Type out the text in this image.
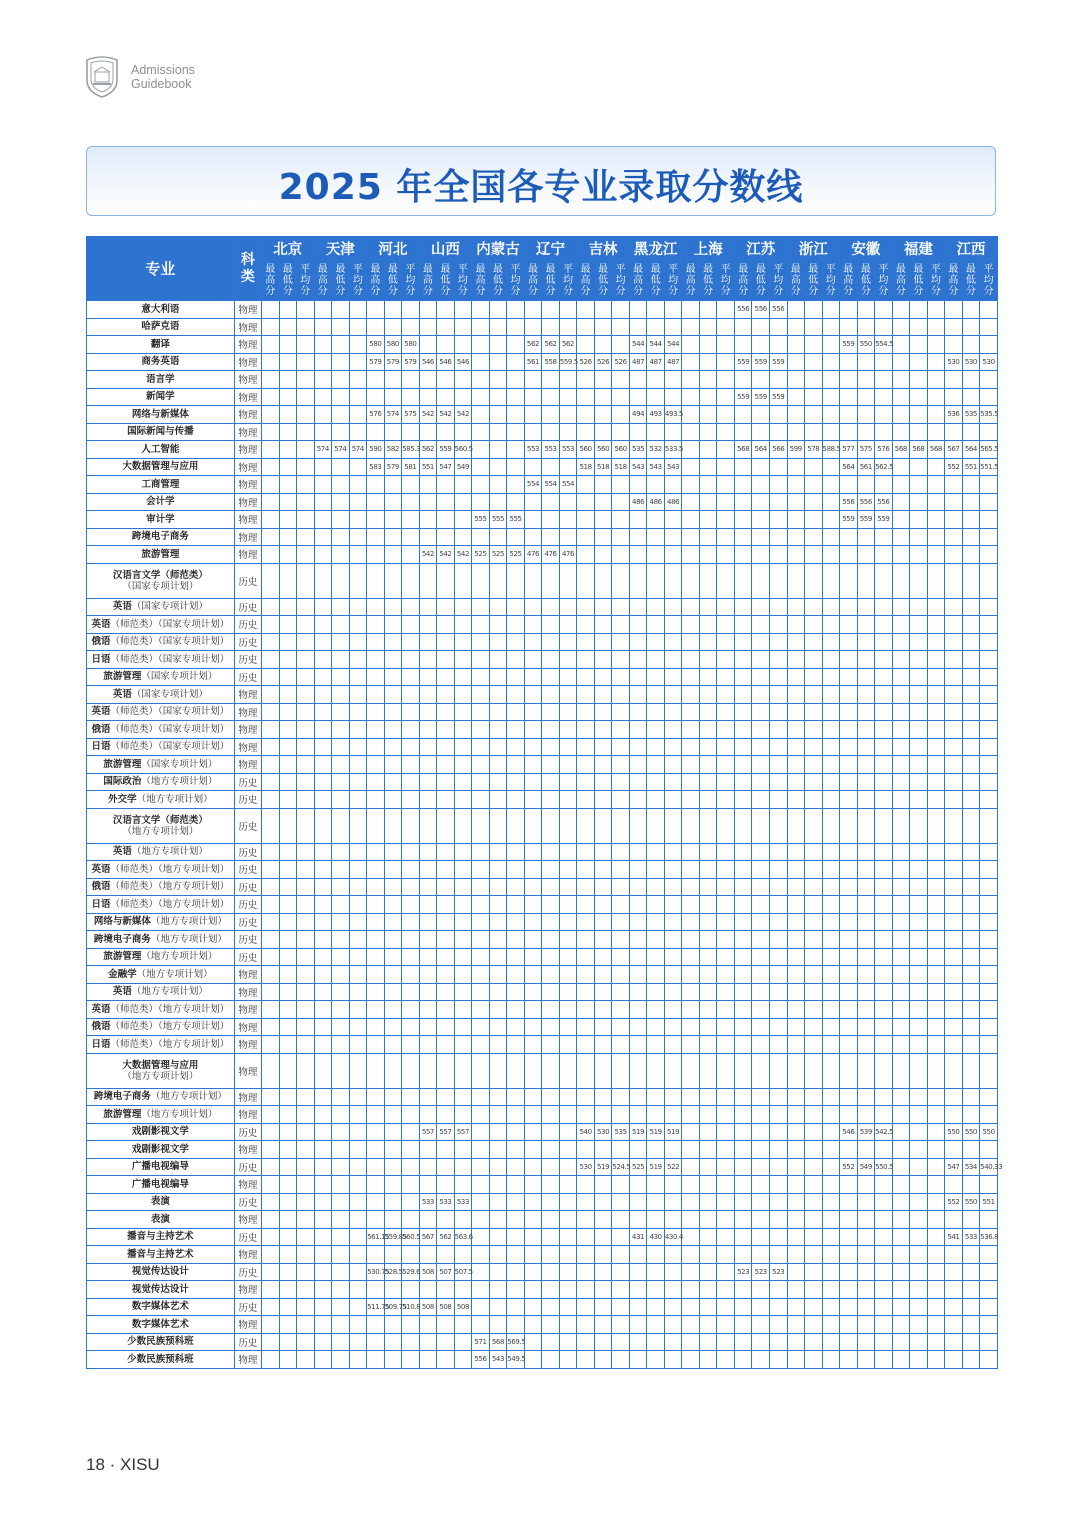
Admissions
Guidebook
2025 年全国各专业录取分数线
专业	科类	北京			天津			河北			山西			内蒙古			辽宁			吉林			黑龙江			上海			江苏			浙江			安徽			福建			江西		
		最高分	最低分	平均分	最高分	最低分	平均分	最高分	最低分	平均分	最高分	最低分	平均分	最高分	最低分	平均分	最高分	最低分	平均分	最高分	最低分	平均分	最高分	最低分	平均分	最高分	最低分	平均分	最高分	最低分	平均分	最高分	最低分	平均分	最高分	最低分	平均分	最高分	最低分	平均分	最高分	最低分	平均分
意大利语	物理																												556	556	556												
哈萨克语	物理																																										
翻译	物理							580	580	580							562	562	562				544	544	544										559	550	554.5						
商务英语	物理							579	579	579	546	546	546				561	558	559.5	526	526	526	487	487	487				559	559	559										530	530	530
语言学	物理																																										
新闻学	物理																												559	559	559												
网络与新媒体	物理							576	574	575	542	542	542										494	493	493.5																536	535	535.5
国际新闻与传播	物理																																										
人工智能	物理				574	574	574	590	582	585.3	562	559	560.5				553	553	553	560	560	560	535	532	533.5				568	564	566	599	578	588.5	577	575	576	568	568	568	567	564	565.5
大数据管理与应用	物理							583	579	581	551	547	549							518	518	518	543	543	543										564	561	562.5				552	551	551.5
工商管理	物理																554	554	554																								
会计学	物理																						486	486	486										556	556	556						
审计学	物理													555	555	555																			559	559	559						
跨境电子商务	物理																																										
旅游管理	物理										542	542	542	525	525	525	476	476	476																								
汉语言文学（师范类）
（国家专项计划）	历史																																										
英语（国家专项计划）	历史																																										
英语（师范类）（国家专项计划）	历史																																										
俄语（师范类）（国家专项计划）	历史																																										
日语（师范类）（国家专项计划）	历史																																										
旅游管理（国家专项计划）	历史																																										
英语（国家专项计划）	物理																																										
英语（师范类）（国家专项计划）	物理																																										
俄语（师范类）（国家专项计划）	物理																																										
日语（师范类）（国家专项计划）	物理																																										
旅游管理（国家专项计划）	物理																																										
国际政治（地方专项计划）	历史																																										
外交学（地方专项计划）	历史																																										
汉语言文学（师范类）
（地方专项计划）	历史																																										
英语（地方专项计划）	历史																																										
英语（师范类）（地方专项计划）	历史																																										
俄语（师范类）（地方专项计划）	历史																																										
日语（师范类）（地方专项计划）	历史																																										
网络与新媒体（地方专项计划）	历史																																										
跨境电子商务（地方专项计划）	历史																																										
旅游管理（地方专项计划）	历史																																										
金融学（地方专项计划）	物理																																										
英语（地方专项计划）	物理																																										
英语（师范类）（地方专项计划）	物理																																										
俄语（师范类）（地方专项计划）	物理																																										
日语（师范类）（地方专项计划）	物理																																										
大数据管理与应用
（地方专项计划）	物理																																										
跨境电子商务（地方专项计划）	物理																																										
旅游管理（地方专项计划）	物理																																										
戏剧影视文学	历史										557	557	557							540	530	535	519	519	519										546	539	542.5				550	550	550
戏剧影视文学	物理																																										
广播电视编导	历史																			530	519	524.5	525	519	522										552	549	550.5				547	534	540.33
广播电视编导	物理																																										
表演	历史										533	533	533																												552	550	551
表演	物理																																										
播音与主持艺术	历史							561.15	559.85	560.5	567	562	563.6										431	430	430.4																541	533	536.8
播音与主持艺术	物理																																										
视觉传达设计	历史							530.75	528.5	529.6	508	507	507.5																523	523	523												
视觉传达设计	物理																																										
数字媒体艺术	历史							511.75	509.75	510.8	508	508	508																														
数字媒体艺术	物理																																										
少数民族预科班	历史													571	568	569.5																											
少数民族预科班	物理													556	543	549.5																											
18 · XISU
